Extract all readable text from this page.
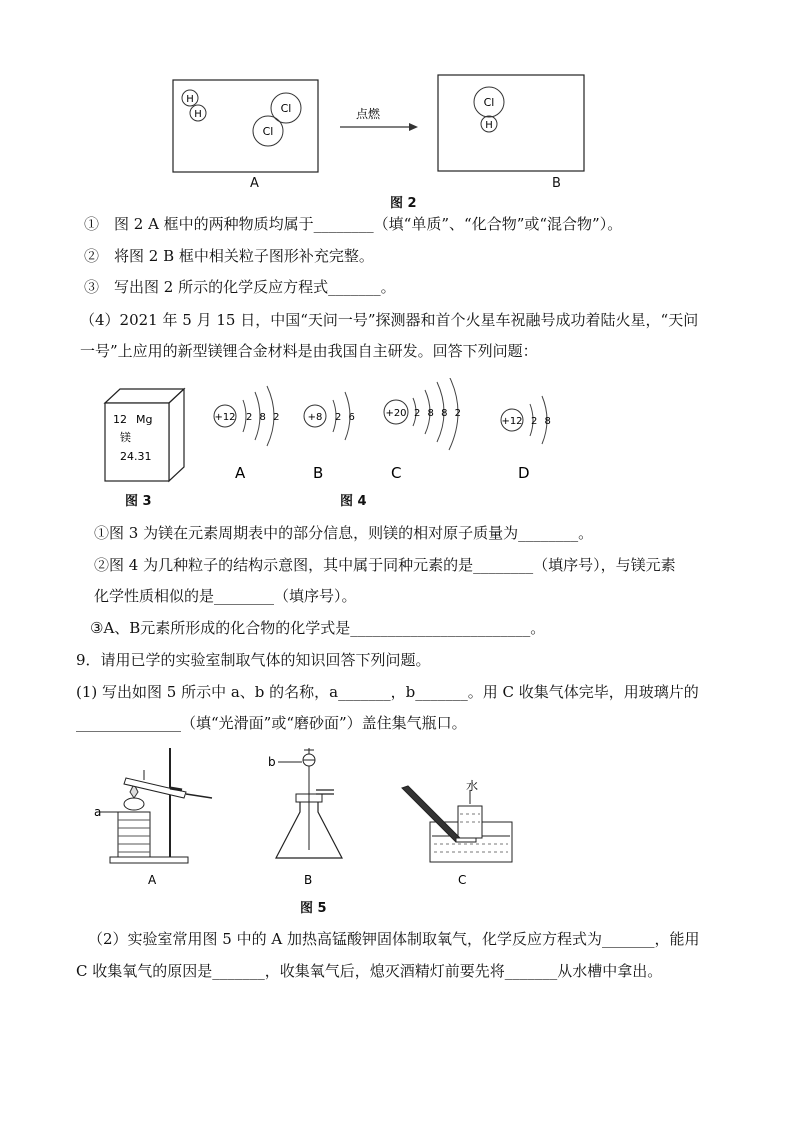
H
H	Cl
Cl
点燃
Cl
H
A	B
图 2
①　图 2 A 框中的两种物质均属于________（填“单质”、“化合物”或“混合物”）。
②　将图 2 B 框中相关粒子图形补充完整。
③　写出图 2 所示的化学反应方程式_______。
（4）2021 年 5 月 15 日，中国“天问一号”探测器和首个火星车祝融号成功着陆火星，“天问
一号”上应用的新型镁锂合金材料是由我国自主研发。回答下列问题：
12 Mg
镁
24.31
图 3
+12 2 8 2
A
+8 2 6
B
+20 2 8 8 2
C
+12 2 8
D
图 4
①图 3 为镁在元素周期表中的部分信息，则镁的相对原子质量为________。
②图 4 为几种粒子的结构示意图，其中属于同种元素的是________（填序号），与镁元素
化学性质相似的是________（填序号）。
③A、B元素所形成的化合物的化学式是________________________。
9．请用已学的实验室制取气体的知识回答下列问题。
(1) 写出如图 5 所示中 a、b 的名称，a_______，b_______。用 C 收集气体完毕，用玻璃片的
______________（填“光滑面”或“磨砂面”）盖住集气瓶口。
a
A
b
B
水
C
图 5
（2）实验室常用图 5 中的 A 加热高锰酸钾固体制取氧气，化学反应方程式为_______，能用
C 收集氧气的原因是_______，收集氧气后，熄灭酒精灯前要先将_______从水槽中拿出。
